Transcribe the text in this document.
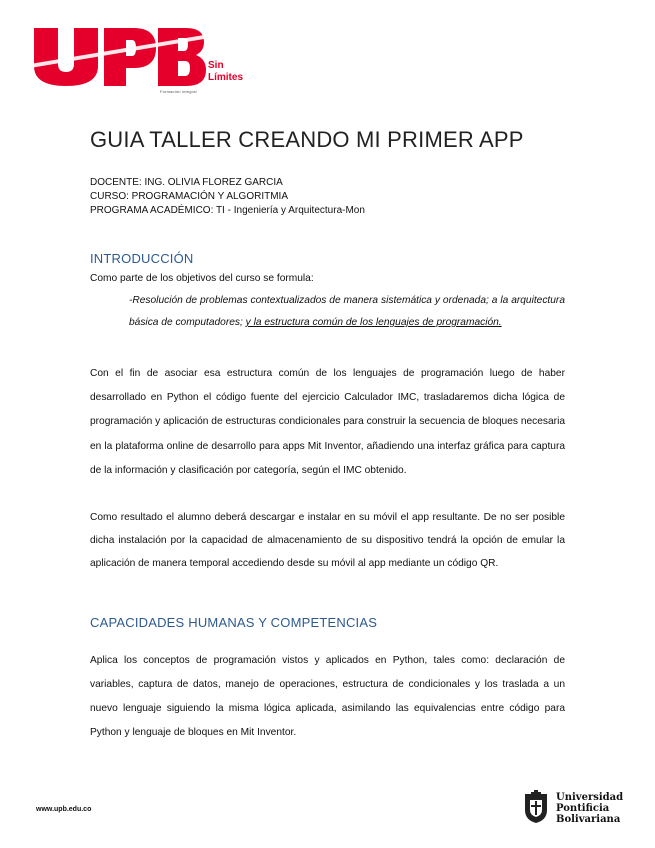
Sin
Límites
Formación integral
GUIA TALLER CREANDO MI PRIMER APP
DOCENTE: ING. OLIVIA FLOREZ GARCIA
CURSO: PROGRAMACIÓN Y ALGORITMIA
PROGRAMA ACADÉMICO: TI - Ingeniería y Arquitectura-Mon
INTRODUCCIÓN
Como parte de los objetivos del curso se formula:
-Resolución de problemas contextualizados de manera sistemática y ordenada; a la arquitectura básica de computadores; y la estructura común de los lenguajes de programación.
Con el fin de asociar esa estructura común de los lenguajes de programación luego de haber desarrollado en Python el código fuente del ejercicio Calculador IMC, trasladaremos dicha lógica de programación y aplicación de estructuras condicionales para construir la secuencia de bloques necesaria en la plataforma online de desarrollo para apps Mit Inventor, añadiendo una interfaz gráfica para captura de la información y clasificación por categoría, según el IMC obtenido.
Como resultado el alumno deberá descargar e instalar en su móvil el app resultante. De no ser posible dicha instalación por la capacidad de almacenamiento de su dispositivo tendrá la opción de emular la aplicación de manera temporal accediendo desde su móvil al app mediante un código QR.
CAPACIDADES HUMANAS Y COMPETENCIAS
Aplica los conceptos de programación vistos y aplicados en Python, tales como: declaración de variables, captura de datos, manejo de operaciones, estructura de condicionales y los traslada a un nuevo lenguaje siguiendo la misma lógica aplicada, asimilando las equivalencias entre código para Python y lenguaje de bloques en Mit Inventor.
www.upb.edu.co
Universidad
Pontificia
Bolivariana
